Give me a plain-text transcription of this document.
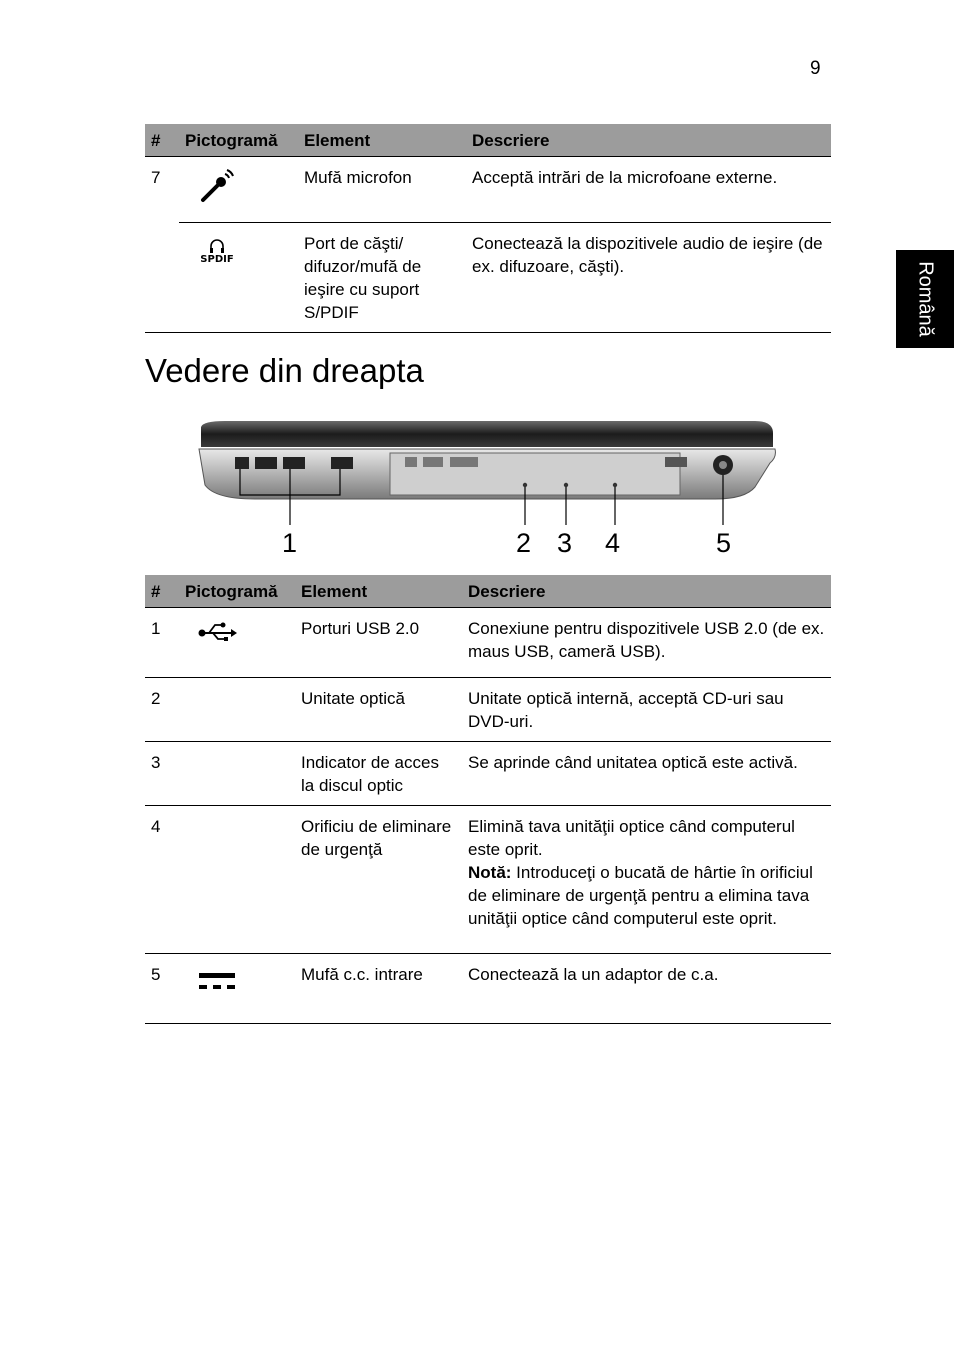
9
Română
#	Pictogramă	Element	Descriere
7		Mufă microfon	Acceptă intrări de la microfoane externe.

	SPDIF	Port de căşti/ difuzor/mufă de ieşire cu suport S/PDIF	Conectează la dispozitivele audio de ieşire (de ex. difuzoare, căşti).
Vedere din dreapta
1	2 3 4	5
#	Pictogramă	Element	Descriere
1		Porturi USB 2.0	Conexiune pentru dispozitivele USB 2.0 (de ex. maus USB, cameră USB).
2		Unitate optică	Unitate optică internă, acceptă CD-uri sau DVD-uri.
3		Indicator de acces la discul optic	Se aprinde când unitatea optică este activă.
4		Orificiu de eliminare de urgenţă	Elimină tava unităţii optice când computerul este oprit.
Notă: Introduceţi o bucată de hârtie în orificiul de eliminare de urgenţă pentru a elimina tava unităţii optice când computerul este oprit.
5		Mufă c.c. intrare	Conectează la un adaptor de c.a.
